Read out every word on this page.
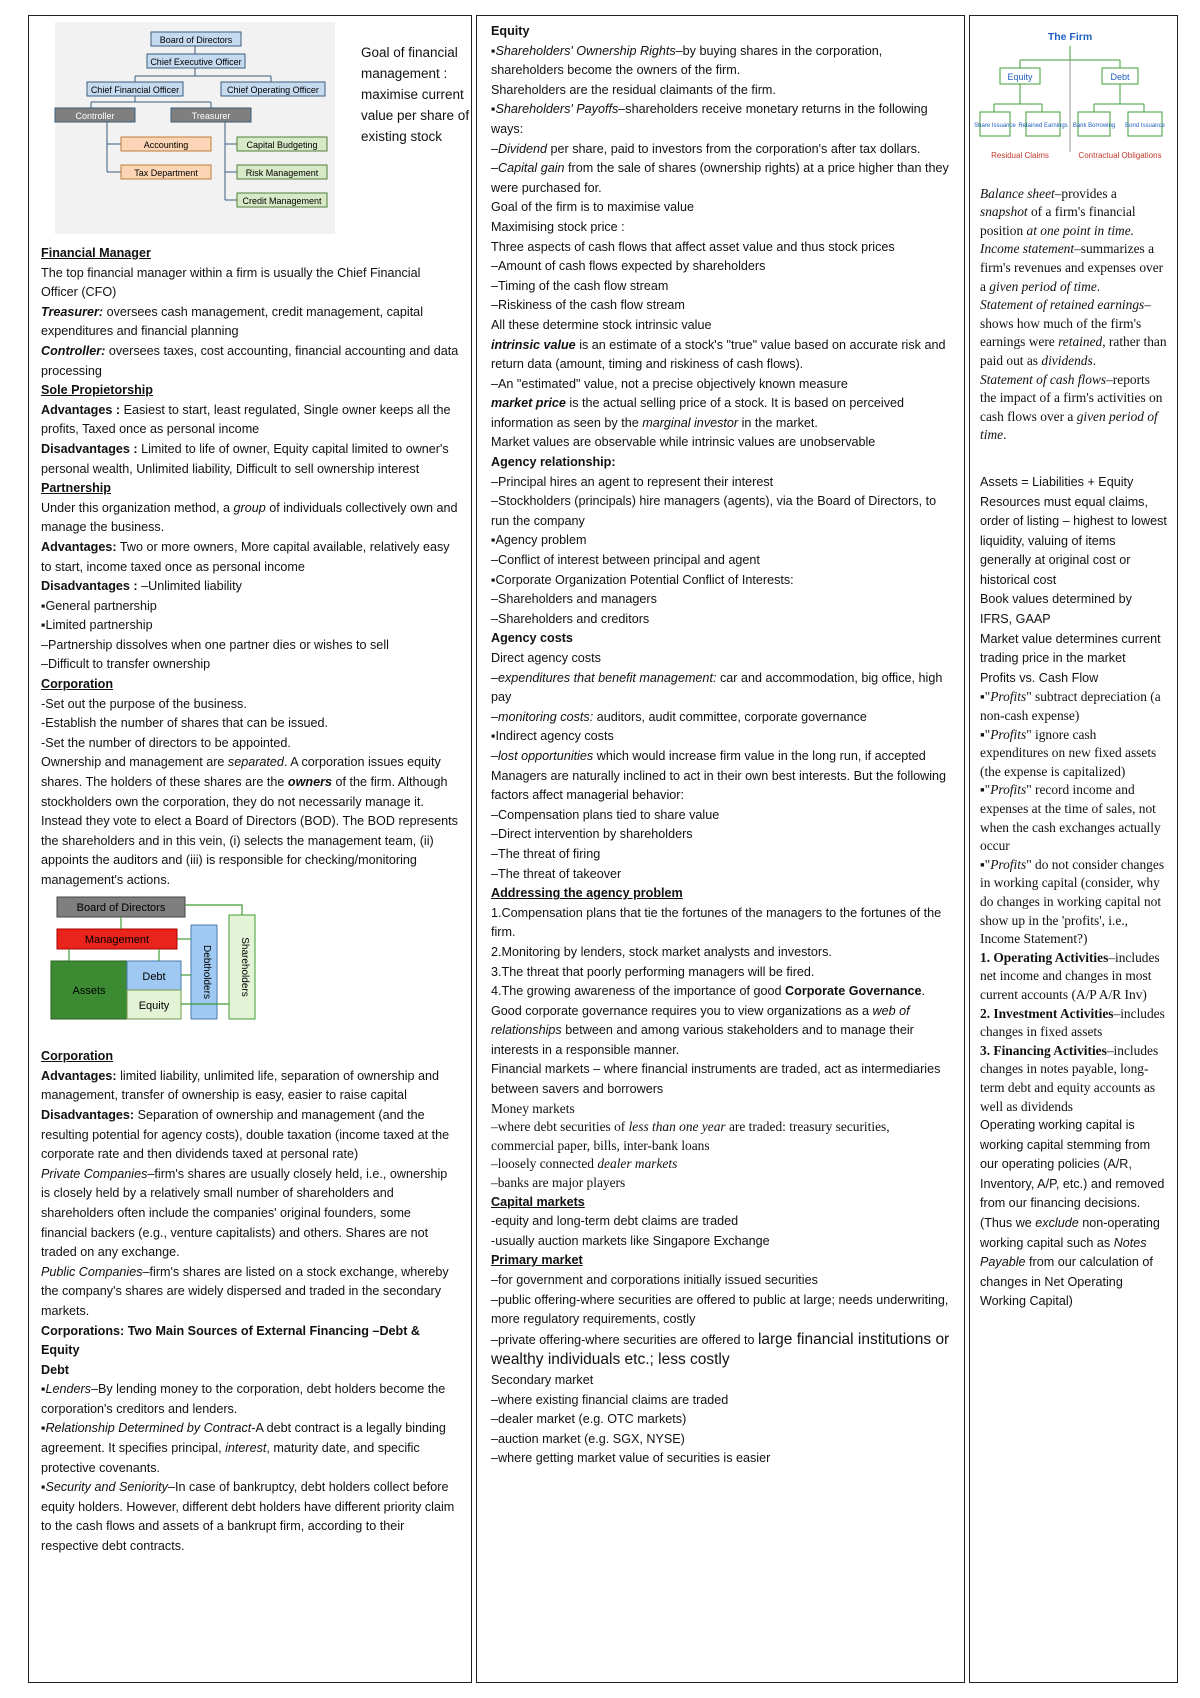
Board of Directors
Chief Executive Officer
Chief Financial Officer	Chief Operating Officer
Controller	Treasurer
Accounting
Tax Department
Capital Budgeting
Risk Management
Credit Management
Goal of financial management : maximise current value per share of existing stock

Financial Manager

The top financial manager within a firm is usually the Chief Financial Officer (CFO)

Treasurer: oversees cash management, credit management, capital expenditures and financial planning

Controller: oversees taxes, cost accounting, financial accounting and data processing

Sole Propietorship

Advantages : Easiest to start, least regulated, Single owner keeps all the profits, Taxed once as personal income

Disadvantages : Limited to life of owner, Equity capital limited to owner's personal wealth, Unlimited liability, Difficult to sell ownership interest

Partnership

Under this organization method, a group of individuals collectively own and manage the business.

Advantages: Two or more owners, More capital available, relatively easy to start, income taxed once as personal income

Disadvantages : –Unlimited liability

▪General partnership

▪Limited partnership

–Partnership dissolves when one partner dies or wishes to sell

–Difficult to transfer ownership

Corporation

-Set out the purpose of the business.

-Establish the number of shares that can be issued.

-Set the number of directors to be appointed.

Ownership and management are separated. A corporation issues equity shares. The holders of these shares are the owners of the firm. Although stockholders own the corporation, they do not necessarily manage it. Instead they vote to elect a Board of Directors (BOD). The BOD represents the shareholders and in this vein, (i) selects the management team, (ii) appoints the auditors and (iii) is responsible for checking/monitoring management's actions.

Board of Directors
Management
Assets
Debt
Equity
Debtholders	Shareholders

Corporation

Advantages: limited liability, unlimited life, separation of ownership and management, transfer of ownership is easy, easier to raise capital

Disadvantages: Separation of ownership and management (and the resulting potential for agency costs), double taxation (income taxed at the corporate rate and then dividends taxed at personal rate)

Private Companies–firm's shares are usually closely held, i.e., ownership is closely held by a relatively small number of shareholders and shareholders often include the companies' original founders, some financial backers (e.g., venture capitalists) and others. Shares are not traded on any exchange.

Public Companies–firm's shares are listed on a stock exchange, whereby the company's shares are widely dispersed and traded in the secondary markets.

Corporations: Two Main Sources of External Financing –Debt & Equity

Debt

▪Lenders–By lending money to the corporation, debt holders become the corporation's creditors and lenders.

▪Relationship Determined by Contract-A debt contract is a legally binding agreement. It specifies principal, interest, maturity date, and specific protective covenants.

▪Security and Seniority–In case of bankruptcy, debt holders collect before equity holders. However, different debt holders have different priority claim to the cash flows and assets of a bankrupt firm, according to their respective debt contracts.

Equity

▪Shareholders' Ownership Rights–by buying shares in the corporation, shareholders become the owners of the firm.

Shareholders are the residual claimants of the firm.

▪Shareholders' Payoffs–shareholders receive monetary returns in the following ways:

–Dividend per share, paid to investors from the corporation's after tax dollars.

–Capital gain from the sale of shares (ownership rights) at a price higher than they were purchased for.

Goal of the firm is to maximise value

Maximising stock price :

Three aspects of cash flows that affect asset value and thus stock prices

–Amount of cash flows expected by shareholders

–Timing of the cash flow stream

–Riskiness of the cash flow stream

All these determine stock intrinsic value

intrinsic value is an estimate of a stock's "true" value based on accurate risk and return data (amount, timing and riskiness of cash flows).

–An "estimated" value, not a precise objectively known measure

market price is the actual selling price of a stock. It is based on perceived information as seen by the marginal investor in the market.

Market values are observable while intrinsic values are unobservable

Agency relationship:

–Principal hires an agent to represent their interest

–Stockholders (principals) hire managers (agents), via the Board of Directors, to run the company

▪Agency problem

–Conflict of interest between principal and agent

▪Corporate Organization Potential Conflict of Interests:

–Shareholders and managers

–Shareholders and creditors

Agency costs

Direct agency costs

–expenditures that benefit management: car and accommodation, big office, high pay

–monitoring costs: auditors, audit committee, corporate governance

▪Indirect agency costs

–lost opportunities which would increase firm value in the long run, if accepted

Managers are naturally inclined to act in their own best interests. But the following factors affect managerial behavior:

–Compensation plans tied to share value

–Direct intervention by shareholders

–The threat of firing

–The threat of takeover

Addressing the agency problem

1.Compensation plans that tie the fortunes of the managers to the fortunes of the firm.

2.Monitoring by lenders, stock market analysts and investors.

3.The threat that poorly performing managers will be fired.

4.The growing awareness of the importance of good Corporate Governance.

Good corporate governance requires you to view organizations as a web of relationships between and among various stakeholders and to manage their interests in a responsible manner.

Financial markets – where financial instruments are traded, act as intermediaries between savers and borrowers

Money markets

–where debt securities of less than one year are traded: treasury securities, commercial paper, bills, inter-bank loans

–loosely connected dealer markets

–banks are major players

Capital markets

-equity and long-term debt claims are traded

-usually auction markets like Singapore Exchange

Primary market

–for government and corporations initially issued securities

–public offering-where securities are offered to public at large; needs underwriting, more regulatory requirements, costly

–private offering-where securities are offered to large financial institutions or wealthy individuals etc.; less costly

Secondary market

–where existing financial claims are traded

–dealer market (e.g. OTC markets)

–auction market (e.g. SGX, NYSE)

–where getting market value of securities is easier

The Firm
Equity	Debt
Share Issuance Retained Earnings Bank Borrowing Bond Issuance
Residual Claims	Contractual Obligations

Balance sheet–provides a snapshot of a firm's financial position at one point in time.

Income statement–summarizes a firm's revenues and expenses over a given period of time.

Statement of retained earnings–shows how much of the firm's earnings were retained, rather than paid out as dividends.

Statement of cash flows–reports the impact of a firm's activities on cash flows over a given period of time.

Assets = Liabilities + Equity

Resources must equal claims, order of listing – highest to lowest liquidity, valuing of items generally at original cost or historical cost

Book values determined by IFRS, GAAP

Market value determines current trading price in the market

Profits vs. Cash Flow

▪"Profits" subtract depreciation (a non-cash expense)

▪"Profits" ignore cash expenditures on new fixed assets (the expense is capitalized)

▪"Profits" record income and expenses at the time of sales, not when the cash exchanges actually occur

▪"Profits" do not consider changes in working capital (consider, why do changes in working capital not show up in the 'profits', i.e., Income Statement?)

1. Operating Activities–includes net income and changes in most current accounts (A/P A/R Inv)

2. Investment Activities–includes changes in fixed assets

3. Financing Activities–includes changes in notes payable, long-term debt and equity accounts as well as dividends

Operating working capital is working capital stemming from our operating policies (A/R, Inventory, A/P, etc.) and removed from our financing decisions. (Thus we exclude non-operating working capital such as Notes Payable from our calculation of changes in Net Operating Working Capital)
